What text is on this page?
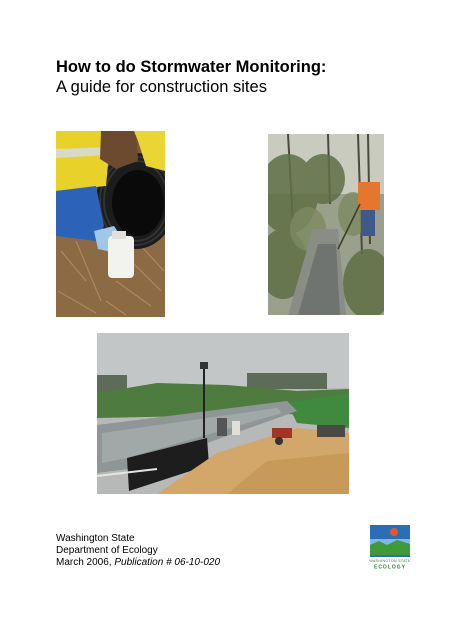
How to do Stormwater Monitoring:
A guide for construction sites
Washington State
Department of Ecology
March 2006, Publication # 06-10-020	WASHINGTON STATE
ECOLOGY
